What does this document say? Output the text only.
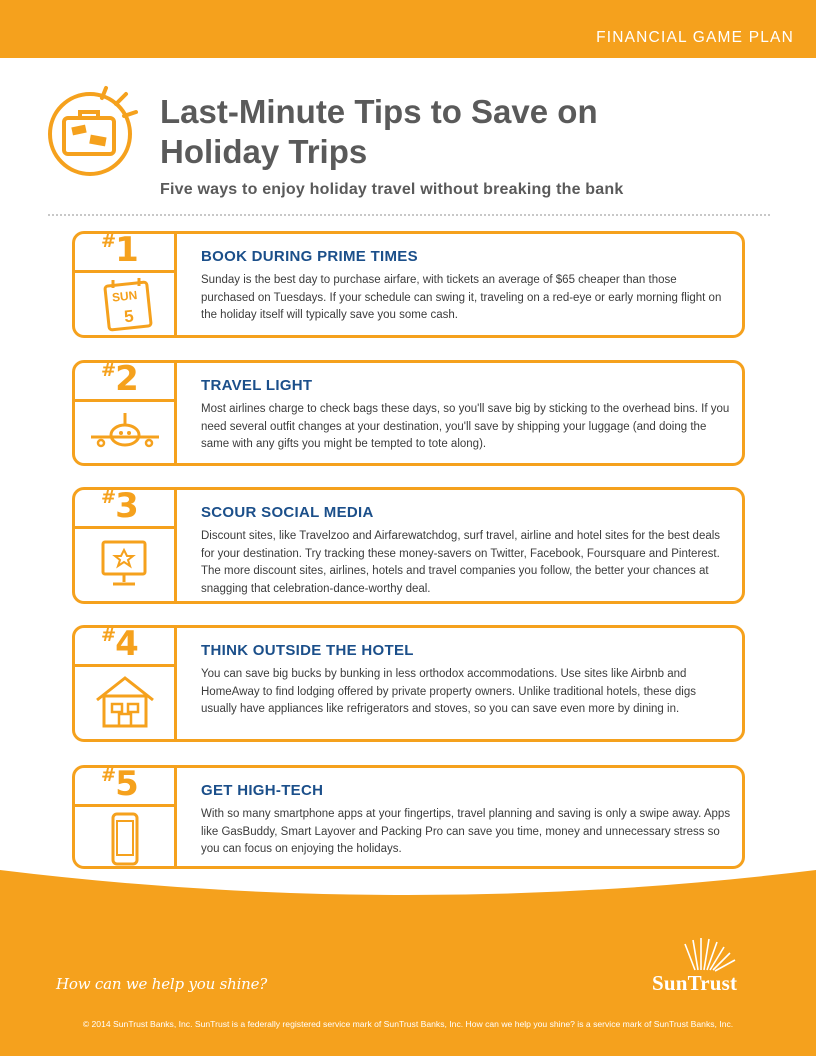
FINANCIAL GAME PLAN
Last-Minute Tips to Save on Holiday Trips
Five ways to enjoy holiday travel without breaking the bank
#1
SUN
5
BOOK DURING PRIME TIMES
Sunday is the best day to purchase airfare, with tickets an average of $65 cheaper than those purchased on Tuesdays. If your schedule can swing it, traveling on a red-eye or early morning flight on the holiday itself will typically save you some cash.
#2	TRAVEL LIGHT
Most airlines charge to check bags these days, so you'll save big by sticking to the overhead bins. If you need several outfit changes at your destination, you'll save by shipping your luggage (and doing the same with any gifts you might be tempted to tote along).
#3	SCOUR SOCIAL MEDIA
Discount sites, like Travelzoo and Airfarewatchdog, surf travel, airline and hotel sites for the best deals for your destination. Try tracking these money-savers on Twitter, Facebook, Foursquare and Pinterest. The more discount sites, airlines, hotels and travel companies you follow, the better your chances at snagging that celebration-dance-worthy deal.
#4	THINK OUTSIDE THE HOTEL
You can save big bucks by bunking in less orthodox accommodations. Use sites like Airbnb and HomeAway to find lodging offered by private property owners. Unlike traditional hotels, these digs usually have appliances like refrigerators and stoves, so you can save even more by dining in.
#5	GET HIGH-TECH
With so many smartphone apps at your fingertips, travel planning and saving is only a swipe away. Apps like GasBuddy, Smart Layover and Packing Pro can save you time, money and unnecessary stress so you can focus on enjoying the holidays.
How can we help you shine?	SunTrust
© 2014 SunTrust Banks, Inc. SunTrust is a federally registered service mark of SunTrust Banks, Inc. How can we help you shine? is a service mark of SunTrust Banks, Inc.
